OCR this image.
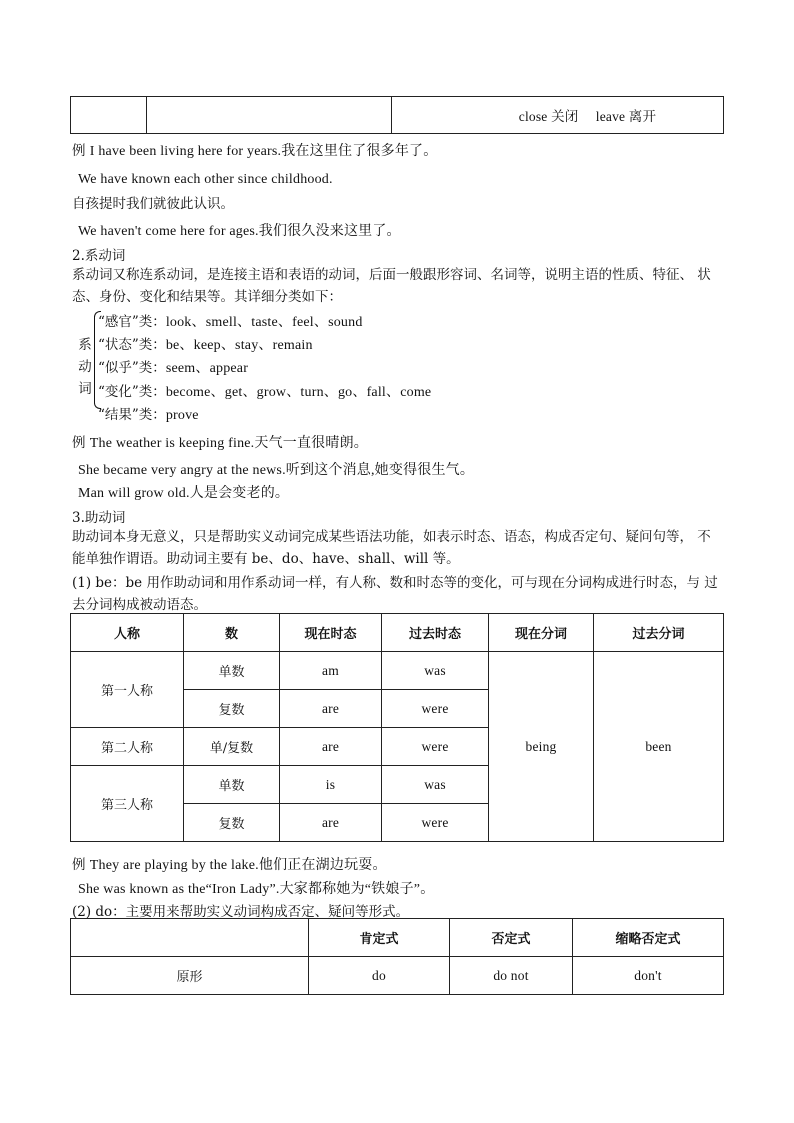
		close 关闭　 leave 离开
例 I have been living here for years.我在这里住了很多年了。
We have known each other since childhood.
自孩提时我们就彼此认识。
We haven't come here for ages.我们很久没来这里了。
2.系动词
系动词又称连系动词，是连接主语和表语的动词，后面一般跟形容词、名词等，说明主语的性质、特征、 状态、身份、变化和结果等。其详细分类如下：
系
动
词
“感官”类：look、smell、taste、feel、sound
“状态”类：be、keep、stay、remain
“似乎”类：seem、appear
“变化”类：become、get、grow、turn、go、fall、come
“结果”类：prove
例 The weather is keeping fine.天气一直很晴朗。
She became very angry at the news.听到这个消息,她变得很生气。
Man will grow old.人是会变老的。
3.助动词
助动词本身无意义，只是帮助实义动词完成某些语法功能，如表示时态、语态，构成否定句、疑问句等， 不能单独作谓语。助动词主要有 be、do、have、shall、will 等。
(1) be：be 用作助动词和用作系动词一样，有人称、数和时态等的变化，可与现在分词构成进行时态，与 过去分词构成被动语态。
人称	数	现在时态	过去时态	现在分词	过去分词
第一人称	单数	am	was	being	been
	复数	are	were		
第二人称	单/复数	are	were		
第三人称	单数	is	was		
	复数	are	were		
例 They are playing by the lake.他们正在湖边玩耍。
She was known as the“Iron Lady”.大家都称她为“铁娘子”。
(2) do：主要用来帮助实义动词构成否定、疑问等形式。
	肯定式	否定式	缩略否定式
原形	do	do not	don't
